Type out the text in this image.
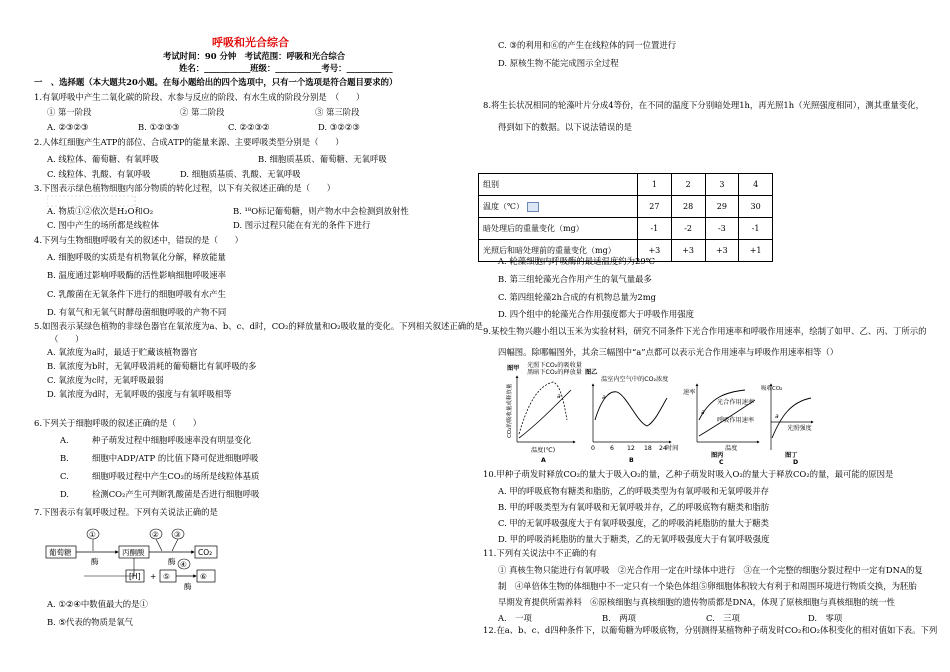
呼吸和光合综合
考试时间：90 分钟　考试范围：呼吸和光合综合
姓名：___________班级：___________考号：___________
一　、选择题（本大题共20小题。在每小题给出的四个选项中，只有一个选项是符合题目要求的）
1.有氧呼吸中产生二氧化碳的阶段、水参与反应的阶段、有水生成的阶段分别是　（　　）
① 第一阶段	② 第二阶段	③ 第三阶段
A. ②③②③	B. ①②③③	C. ②②③②	D. ③②②③
2.人体红细胞产生ATP的部位、合成ATP的能量来源、主要呼吸类型分别是（　　）
A. 线粒体、葡萄糖、有氧呼吸	B. 细胞质基质、葡萄糖、无氧呼吸
C. 线粒体、乳酸、有氧呼吸	D. 细胞质基质、乳酸、无氧呼吸
3.下图表示绿色植物细胞内部分物质的转化过程，以下有关叙述正确的是（　　）
A. 物质①②依次是H₂O和O₂	B. ¹⁸O标记葡萄糖，则产物水中会检测到放射性
C. 图中产生的场所都是线粒体	D. 图示过程只能在有光的条件下进行
4.下列与生物细胞呼吸有关的叙述中，错误的是（　　）
A. 细胞呼吸的实质是有机物氧化分解，释放能量
B. 温度通过影响呼吸酶的活性影响细胞呼吸速率
C. 乳酸菌在无氧条件下进行的细胞呼吸有水产生
D. 有氧气和无氧气时酵母菌细胞呼吸的产物不同
5.如图表示某绿色植物的非绿色器官在氧浓度为a、b、c、d时，CO₂的释放量和O₂吸收量的变化。下列相关叙述正确的是
（　　）
A. 氧浓度为a时，最适于贮藏该植物器官
B. 氧浓度为b时，无氧呼吸消耗的葡萄糖比有氧呼吸的多
C. 氧浓度为c时，无氧呼吸最弱
D. 氧浓度为d时，无氧呼吸的强度与有氧呼吸相等
6.下列关于细胞呼吸的叙述正确的是（　　）
A.	种子萌发过程中细胞呼吸速率没有明显变化
B.	细胞中ADP/ATP 的比值下降可促进细胞呼吸
C.	细胞呼吸过程中产生CO₂的场所是线粒体基质
D.	检测CO₂产生可判断乳酸菌是否进行细胞呼吸
7.下图表示有氧呼吸过程。下列有关说法正确的是
葡萄糖
酶
①
丙酮酸
酶
② ③
CO₂
[H] + ⑤
酶
⑥
④
A. ①②④中数值最大的是①
B. ⑤代表的物质是氧气
C. ③的利用和⑥的产生在线粒体的同一位置进行
D. 原核生物不能完成图示全过程
8.将生长状况相同的轮藻叶片分成4等份，在不同的温度下分别暗处理1h，再光照1h（光照强度相同），测其重量变化，
得到如下的数据。以下说法错误的是
组别	1	2	3	4
温度（℃）	27	28	29	30
暗处理后的重量变化（mg）	-1	-2	-3	-1
光照后和暗处理前的重量变化（mg）	+3	+3	+3	+1
A. 轮藻细胞内呼吸酶的最适温度约为29℃
B. 第三组轮藻光合作用产生的氧气量最多
C. 第四组轮藻2h合成的有机物总量为2mg
D. 四个组中的轮藻光合作用强度都大于呼吸作用强度
9.某校生物兴趣小组以玉米为实验材料，研究不同条件下光合作用速率和呼吸作用速率，绘制了如甲、乙、丙、丁所示的
四幅图。除哪幅图外，其余三幅图中“a”点都可以表示光合作用速率与呼吸作用速率相等（）
图甲 光照下CO₂的吸收量
黑暗下CO₂的释放量
CO₂的吸收量或释放量	a
温度(℃)
A
图乙
温室内空气中的CO₂浓度
a
0 6 12 18 24 时间
B
速率
a
光合作用速率
呼吸作用速率
温度
图丙
C
吸收CO₂
a
光照强度
图丁
D
10.甲种子萌发时释放CO₂的量大于吸入O₂的量，乙种子萌发时吸入O₂的量大于释放CO₂的量，最可能的原因是
A. 甲的呼吸底物有糖类和脂肪，乙的呼吸类型为有氧呼吸和无氧呼吸并存
B. 甲的呼吸类型为有氧呼吸和无氧呼吸并存，乙的呼吸底物有糖类和脂肪
C. 甲的无氧呼吸强度大于有氧呼吸强度，乙的呼吸消耗脂肪的量大于糖类
D. 甲的呼吸消耗脂肪的量大于糖类，乙的无氧呼吸强度大于有氧呼吸强度
11.下列有关说法中不正确的有
① 真核生物只能进行有氧呼吸　②光合作用一定在叶绿体中进行　③在一个完整的细胞分裂过程中一定有DNA的复
制　④单倍体生物的体细胞中不一定只有一个染色体组⑤卵细胞体积较大有利于和周围环境进行物质交换，为胚胎
早期发育提供所需养料　⑥原核细胞与真核细胞的遗传物质都是DNA，体现了原核细胞与真核细胞的统一性
A.　一项	B.　两项	C.　三项	D.　零项
12.在a、b、c、d四种条件下，以葡萄糖为呼吸底物，分别测得某植物种子萌发时CO₂和O₂体积变化的相对值如下表。下列
